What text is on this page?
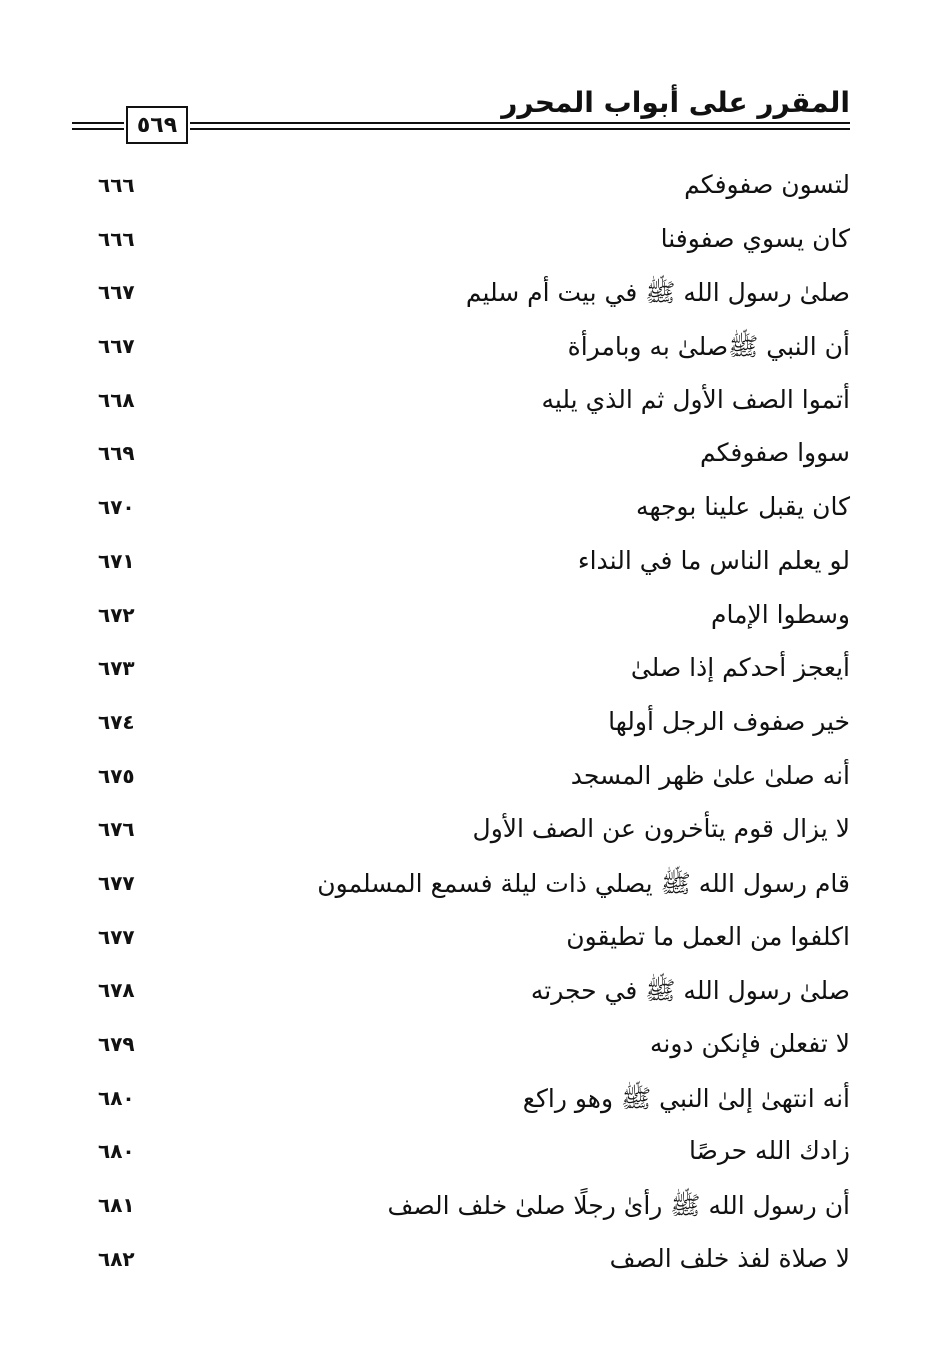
المقرر على أبواب المحرر
٥٦٩
لتسون صفوفكم
٦٦٦
كان يسوي صفوفنا
٦٦٦
صلىٰ رسول الله ﷺ في بيت أم سليم
٦٦٧
أن النبي ﷺصلىٰ به وبامرأة
٦٦٧
أتموا الصف الأول ثم الذي يليه
٦٦٨
سووا صفوفكم
٦٦٩
كان يقبل علينا بوجهه
٦٧٠
لو يعلم الناس ما في النداء
٦٧١
وسطوا الإمام
٦٧٢
أيعجز أحدكم إذا صلىٰ
٦٧٣
خير صفوف الرجل أولها
٦٧٤
أنه صلىٰ علىٰ ظهر المسجد
٦٧٥
لا يزال قوم يتأخرون عن الصف الأول
٦٧٦
قام رسول الله ﷺ يصلي ذات ليلة فسمع المسلمون
٦٧٧
اكلفوا من العمل ما تطيقون
٦٧٧
صلىٰ رسول الله ﷺ في حجرته
٦٧٨
لا تفعلن فإنكن دونه
٦٧٩
أنه انتهىٰ إلىٰ النبي ﷺ وهو راكع
٦٨٠
زادك الله حرصًا
٦٨٠
أن رسول الله ﷺ رأىٰ رجلًا صلىٰ خلف الصف
٦٨١
لا صلاة لفذ خلف الصف
٦٨٢
